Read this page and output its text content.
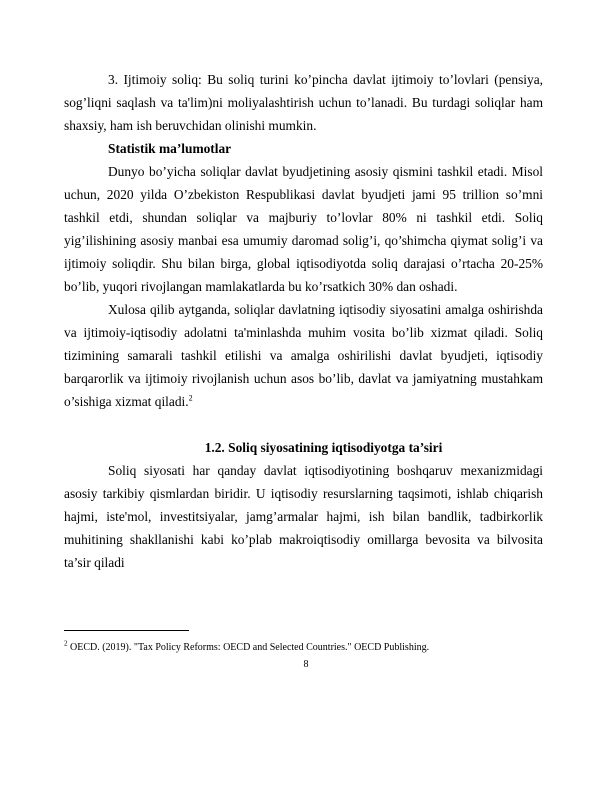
3. Ijtimoiy soliq: Bu soliq turini ko’pincha davlat ijtimoiy to’lovlari (pensiya, sog’liqni saqlash va ta'lim)ni moliyalashtirish uchun to’lanadi. Bu turdagi soliqlar ham shaxsiy, ham ish beruvchidan olinishi mumkin.

Statistik ma’lumotlar

Dunyo bo’yicha soliqlar davlat byudjetining asosiy qismini tashkil etadi. Misol uchun, 2020 yilda O’zbekiston Respublikasi davlat byudjeti jami 95 trillion so’mni tashkil etdi, shundan soliqlar va majburiy to’lovlar 80% ni tashkil etdi. Soliq yig’ilishining asosiy manbai esa umumiy daromad solig’i, qo’shimcha qiymat solig’i va ijtimoiy soliqdir. Shu bilan birga, global iqtisodiyotda soliq darajasi o’rtacha 20-25% bo’lib, yuqori rivojlangan mamlakatlarda bu ko’rsatkich 30% dan oshadi.

Xulosa qilib aytganda, soliqlar davlatning iqtisodiy siyosatini amalga oshirishda va ijtimoiy-iqtisodiy adolatni ta'minlashda muhim vosita bo’lib xizmat qiladi. Soliq tizimining samarali tashkil etilishi va amalga oshirilishi davlat byudjeti, iqtisodiy barqarorlik va ijtimoiy rivojlanish uchun asos bo’lib, davlat va jamiyatning mustahkam o’sishiga xizmat qiladi.$^2$

1.2. Soliq siyosatining iqtisodiyotga ta’siri

Soliq siyosati har qanday davlat iqtisodiyotining boshqaruv mexanizmidagi asosiy tarkibiy qismlardan biridir. U iqtisodiy resurslarning taqsimoti, ishlab chiqarish hajmi, iste'mol, investitsiyalar, jamg’armalar hajmi, ish bilan bandlik, tadbirkorlik muhitining shakllanishi kabi ko’plab makroiqtisodiy omillarga bevosita va bilvosita ta’sir qiladi

$^2$ OECD. (2019). "Tax Policy Reforms: OECD and Selected Countries." OECD Publishing.
8
